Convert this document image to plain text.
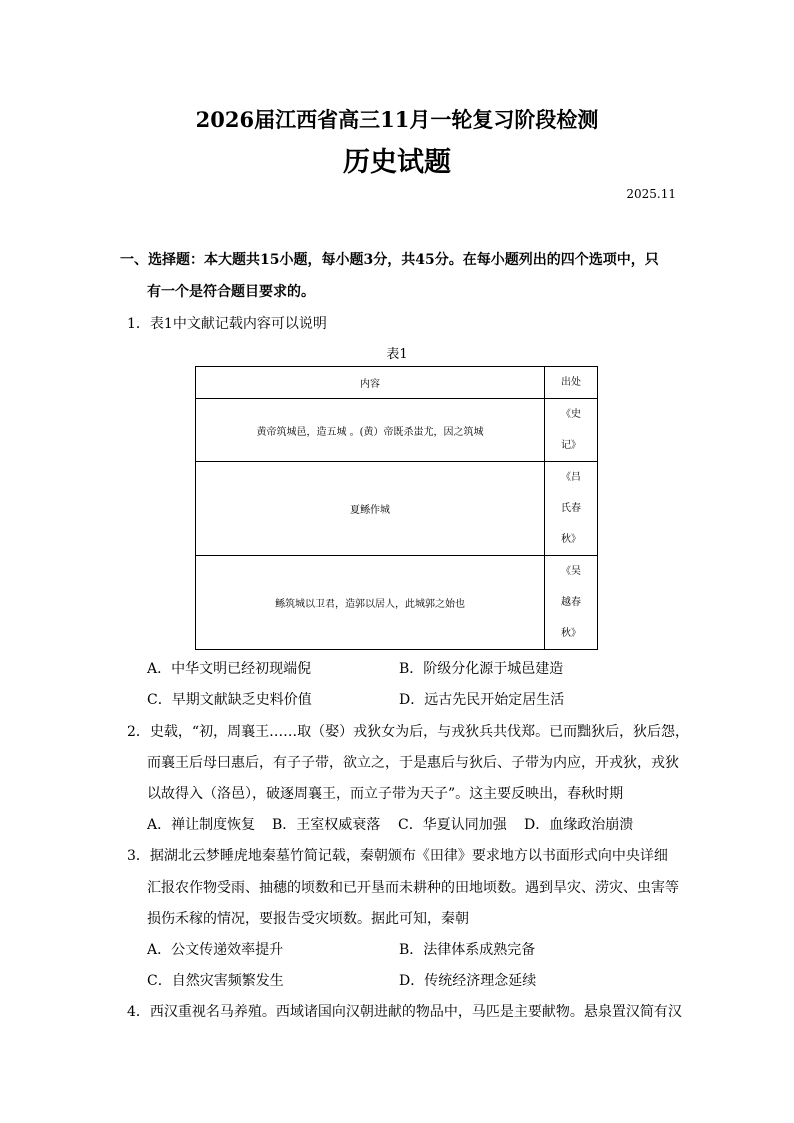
2026届江西省高三11月一轮复习阶段检测
历史试题
2025.11
一、选择题：本大题共15小题，每小题3分，共45分。在每小题列出的四个选项中，只
有一个是符合题目要求的。
1．表1中文献记载内容可以说明
表1
内容	出处
黄帝筑城邑，造五城 。(黄）帝既杀蚩尤，因之筑城	《史
记》

夏鲧作城	《吕
氏春
秋》

鲧筑城以卫君，造郭以居人，此城郭之始也	《吴
越春
秋》
A．中华文明已经初现端倪	B．阶级分化源于城邑建造
C．早期文献缺乏史料价值	D．远古先民开始定居生活
2．史载，“初，周襄王……取（娶）戎狄女为后，与戎狄兵共伐郑。已而黜狄后，狄后怨，
而襄王后母曰惠后，有子子带，欲立之，于是惠后与狄后、子带为内应，开戎狄，戎狄
以故得入（洛邑），破逐周襄王，而立子带为天子”。这主要反映出，春秋时期
A．禅让制度恢复 B．王室权威衰落 C．华夏认同加强 D．血缘政治崩溃
3．据湖北云梦睡虎地秦墓竹简记载，秦朝颁布《田律》要求地方以书面形式向中央详细
汇报农作物受雨、抽穗的顷数和已开垦而未耕种的田地顷数。遇到旱灾、涝灾、虫害等
损伤禾稼的情况，要报告受灾顷数。据此可知，秦朝
A．公文传递效率提升	B．法律体系成熟完备
C．自然灾害频繁发生	D．传统经济理念延续
4．西汉重视名马养殖。西域诸国向汉朝进献的物品中，马匹是主要献物。悬泉置汉简有汉
